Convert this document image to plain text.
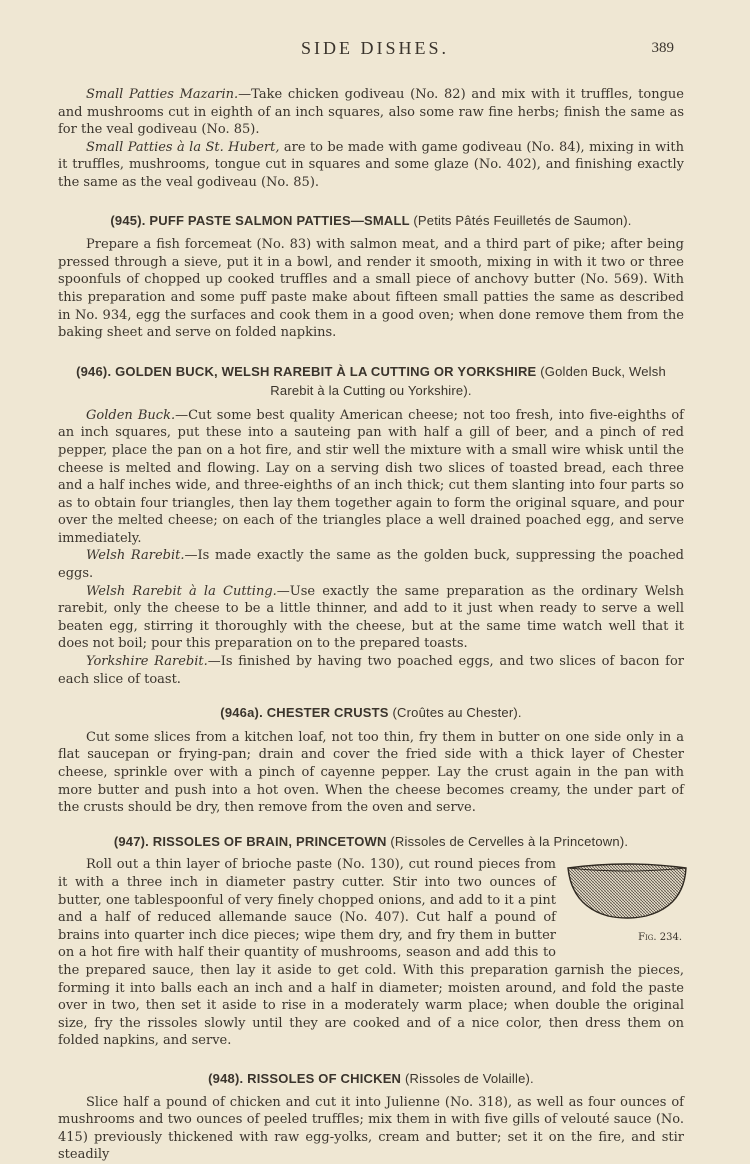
SIDE DISHES.	389

Small Patties Mazarin.—Take chicken godiveau (No. 82) and mix with it truffles, tongue and mushrooms cut in eighth of an inch squares, also some raw fine herbs; finish the same as for the veal godiveau (No. 85).

Small Patties à la St. Hubert, are to be made with game godiveau (No. 84), mixing in with it truffles, mushrooms, tongue cut in squares and some glaze (No. 402), and finishing exactly the same as the veal godiveau (No. 85).

(945). PUFF PASTE SALMON PATTIES—SMALL (Petits Pâtés Feuilletés de Saumon).

Prepare a fish forcemeat (No. 83) with salmon meat, and a third part of pike; after being pressed through a sieve, put it in a bowl, and render it smooth, mixing in with it two or three spoonfuls of chopped up cooked truffles and a small piece of anchovy butter (No. 569). With this preparation and some puff paste make about fifteen small patties the same as described in No. 934, egg the surfaces and cook them in a good oven; when done remove them from the baking sheet and serve on folded napkins.

(946). GOLDEN BUCK, WELSH RAREBIT À LA CUTTING OR YORKSHIRE (Golden Buck, Welsh Rarebit à la Cutting ou Yorkshire).

Golden Buck.—Cut some best quality American cheese; not too fresh, into five-eighths of an inch squares, put these into a sauteing pan with half a gill of beer, and a pinch of red pepper, place the pan on a hot fire, and stir well the mixture with a small wire whisk until the cheese is melted and flowing. Lay on a serving dish two slices of toasted bread, each three and a half inches wide, and three-eighths of an inch thick; cut them slanting into four parts so as to obtain four triangles, then lay them together again to form the original square, and pour over the melted cheese; on each of the triangles place a well drained poached egg, and serve immediately.

Welsh Rarebit.—Is made exactly the same as the golden buck, suppressing the poached eggs.

Welsh Rarebit à la Cutting.—Use exactly the same preparation as the ordinary Welsh rarebit, only the cheese to be a little thinner, and add to it just when ready to serve a well beaten egg, stirring it thoroughly with the cheese, but at the same time watch well that it does not boil; pour this preparation on to the prepared toasts.

Yorkshire Rarebit.—Is finished by having two poached eggs, and two slices of bacon for each slice of toast.

(946a). CHESTER CRUSTS (Croûtes au Chester).

Cut some slices from a kitchen loaf, not too thin, fry them in butter on one side only in a flat saucepan or frying-pan; drain and cover the fried side with a thick layer of Chester cheese, sprinkle over with a pinch of cayenne pepper. Lay the crust again in the pan with more butter and push into a hot oven. When the cheese becomes creamy, the under part of the crusts should be dry, then remove from the oven and serve.

(947). RISSOLES OF BRAIN, PRINCETOWN (Rissoles de Cervelles à la Princetown).
Fig. 234.

Roll out a thin layer of brioche paste (No. 130), cut round pieces from it with a three inch in diameter pastry cutter. Stir into two ounces of butter, one tablespoonful of very finely chopped onions, and add to it a pint and a half of reduced allemande sauce (No. 407). Cut half a pound of brains into quarter inch dice pieces; wipe them dry, and fry them in butter on a hot fire with half their quantity of mushrooms, season and add this to the prepared sauce, then lay it aside to get cold. With this preparation garnish the pieces, forming it into balls each an inch and a half in diameter; moisten around, and fold the paste over in two, then set it aside to rise in a moderately warm place; when double the original size, fry the rissoles slowly until they are cooked and of a nice color, then dress them on folded napkins, and serve.

(948). RISSOLES OF CHICKEN (Rissoles de Volaille).

Slice half a pound of chicken and cut it into Julienne (No. 318), as well as four ounces of mushrooms and two ounces of peeled truffles; mix them in with five gills of velouté sauce (No. 415) previously thickened with raw egg-yolks, cream and butter; set it on the fire, and stir steadily
